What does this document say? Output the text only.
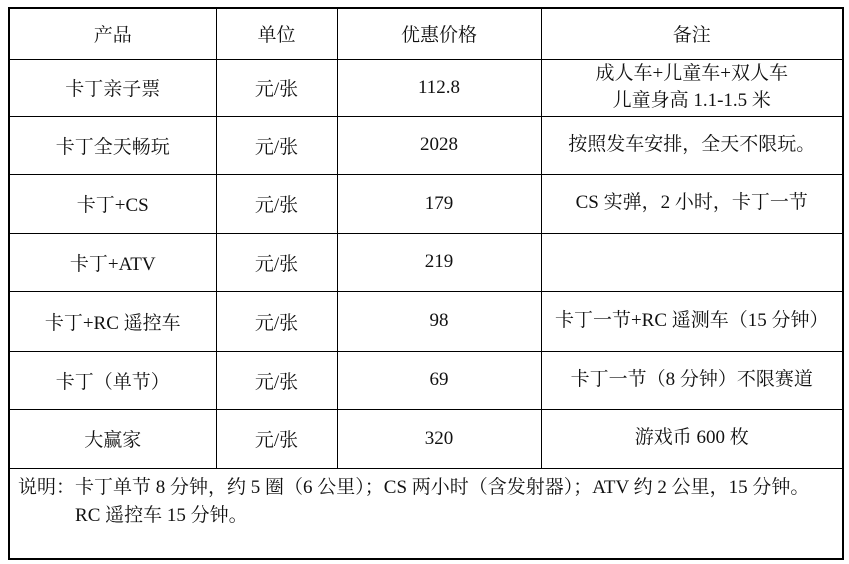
产品	单位	优惠价格	备注
卡丁亲子票	元/张	112.8	成人车+儿童车+双人车
儿童身高 1.1-1.5 米

卡丁全天畅玩	元/张	2028	按照发车安排，全天不限玩。

卡丁+CS	元/张	179	CS 实弹，2 小时，卡丁一节

卡丁+ATV	元/张	219	

卡丁+RC 遥控车	元/张	98	卡丁一节+RC 遥测车（15 分钟）

卡丁（单节）	元/张	69	卡丁一节（8 分钟）不限赛道

大赢家	元/张	320	游戏币 600 枚

说明： 卡丁单节 8 分钟，约 5 圈（6 公里）；CS 两小时（含发射器）；ATV 约 2 公里，15 分钟。
RC 遥控车 15 分钟。			
